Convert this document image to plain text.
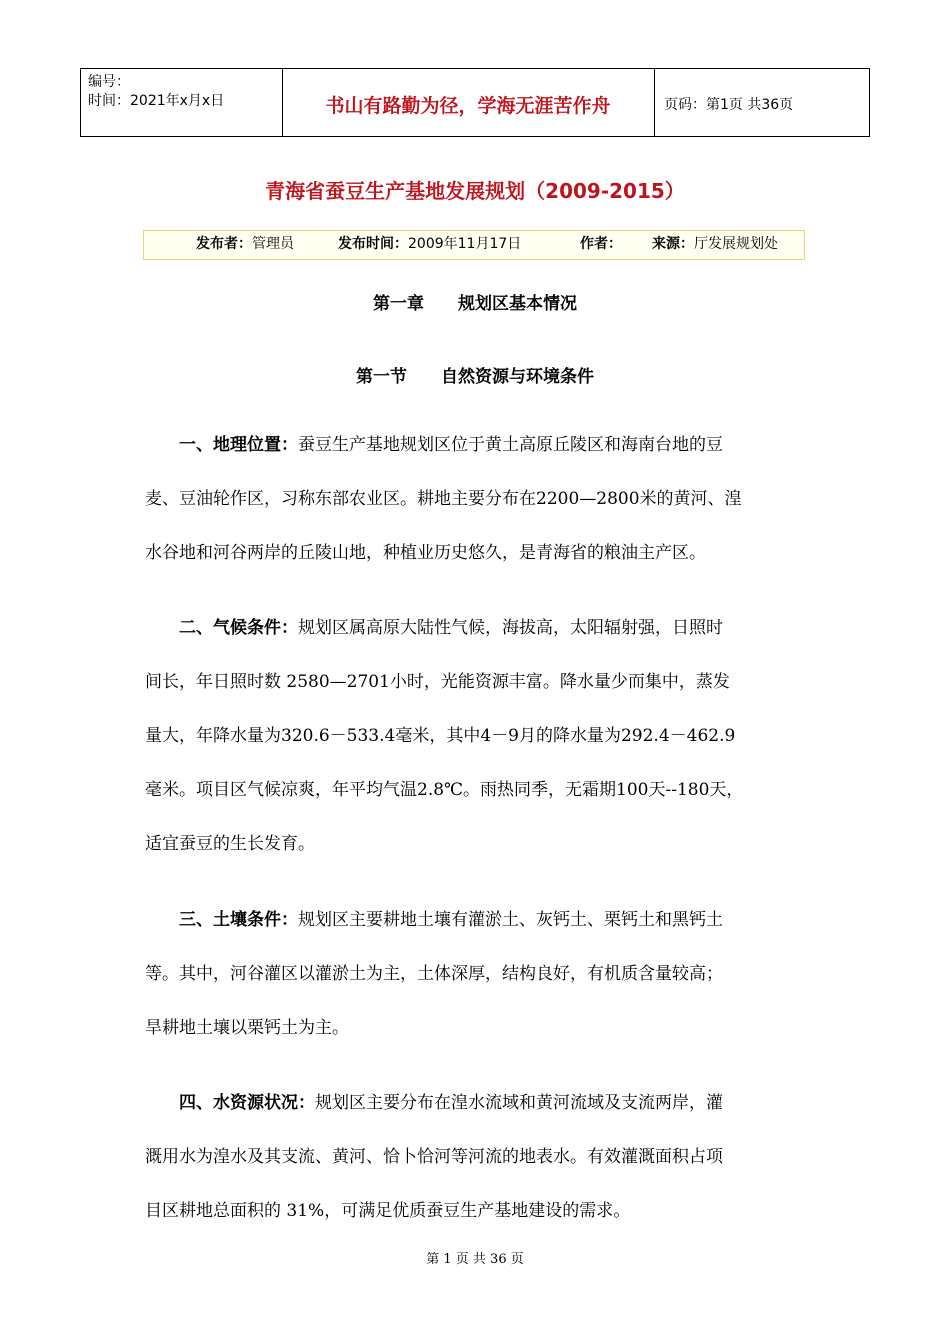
编号：
时间：2021年x月x日	书山有路勤为径，学海无涯苦作舟	页码：第1页 共36页
青海省蚕豆生产基地发展规划（2009-2015）
发布者：管理员	发布时间：2009年11月17日	作者： 来源：厅发展规划处
第一章 规划区基本情况
第一节 自然资源与环境条件
一、地理位置：蚕豆生产基地规划区位于黄土高原丘陵区和海南台地的豆
麦、豆油轮作区，习称东部农业区。耕地主要分布在2200—2800米的黄河、湟
水谷地和河谷两岸的丘陵山地，种植业历史悠久，是青海省的粮油主产区。
二、气候条件：规划区属高原大陆性气候，海拔高，太阳辐射强，日照时
间长，年日照时数 2580—2701小时，光能资源丰富。降水量少而集中，蒸发
量大，年降水量为320.6－533.4毫米，其中4－9月的降水量为292.4－462.9
毫米。项目区气候凉爽，年平均气温2.8℃。雨热同季，无霜期100天--180天，
适宜蚕豆的生长发育。
三、土壤条件：规划区主要耕地土壤有灌淤土、灰钙土、栗钙土和黑钙土
等。其中，河谷灌区以灌淤土为主，土体深厚，结构良好，有机质含量较高；
旱耕地土壤以栗钙土为主。
四、水资源状况：规划区主要分布在湟水流域和黄河流域及支流两岸，灌
溉用水为湟水及其支流、黄河、恰卜恰河等河流的地表水。有效灌溉面积占项
目区耕地总面积的 31%，可满足优质蚕豆生产基地建设的需求。
第 1 页 共 36 页
